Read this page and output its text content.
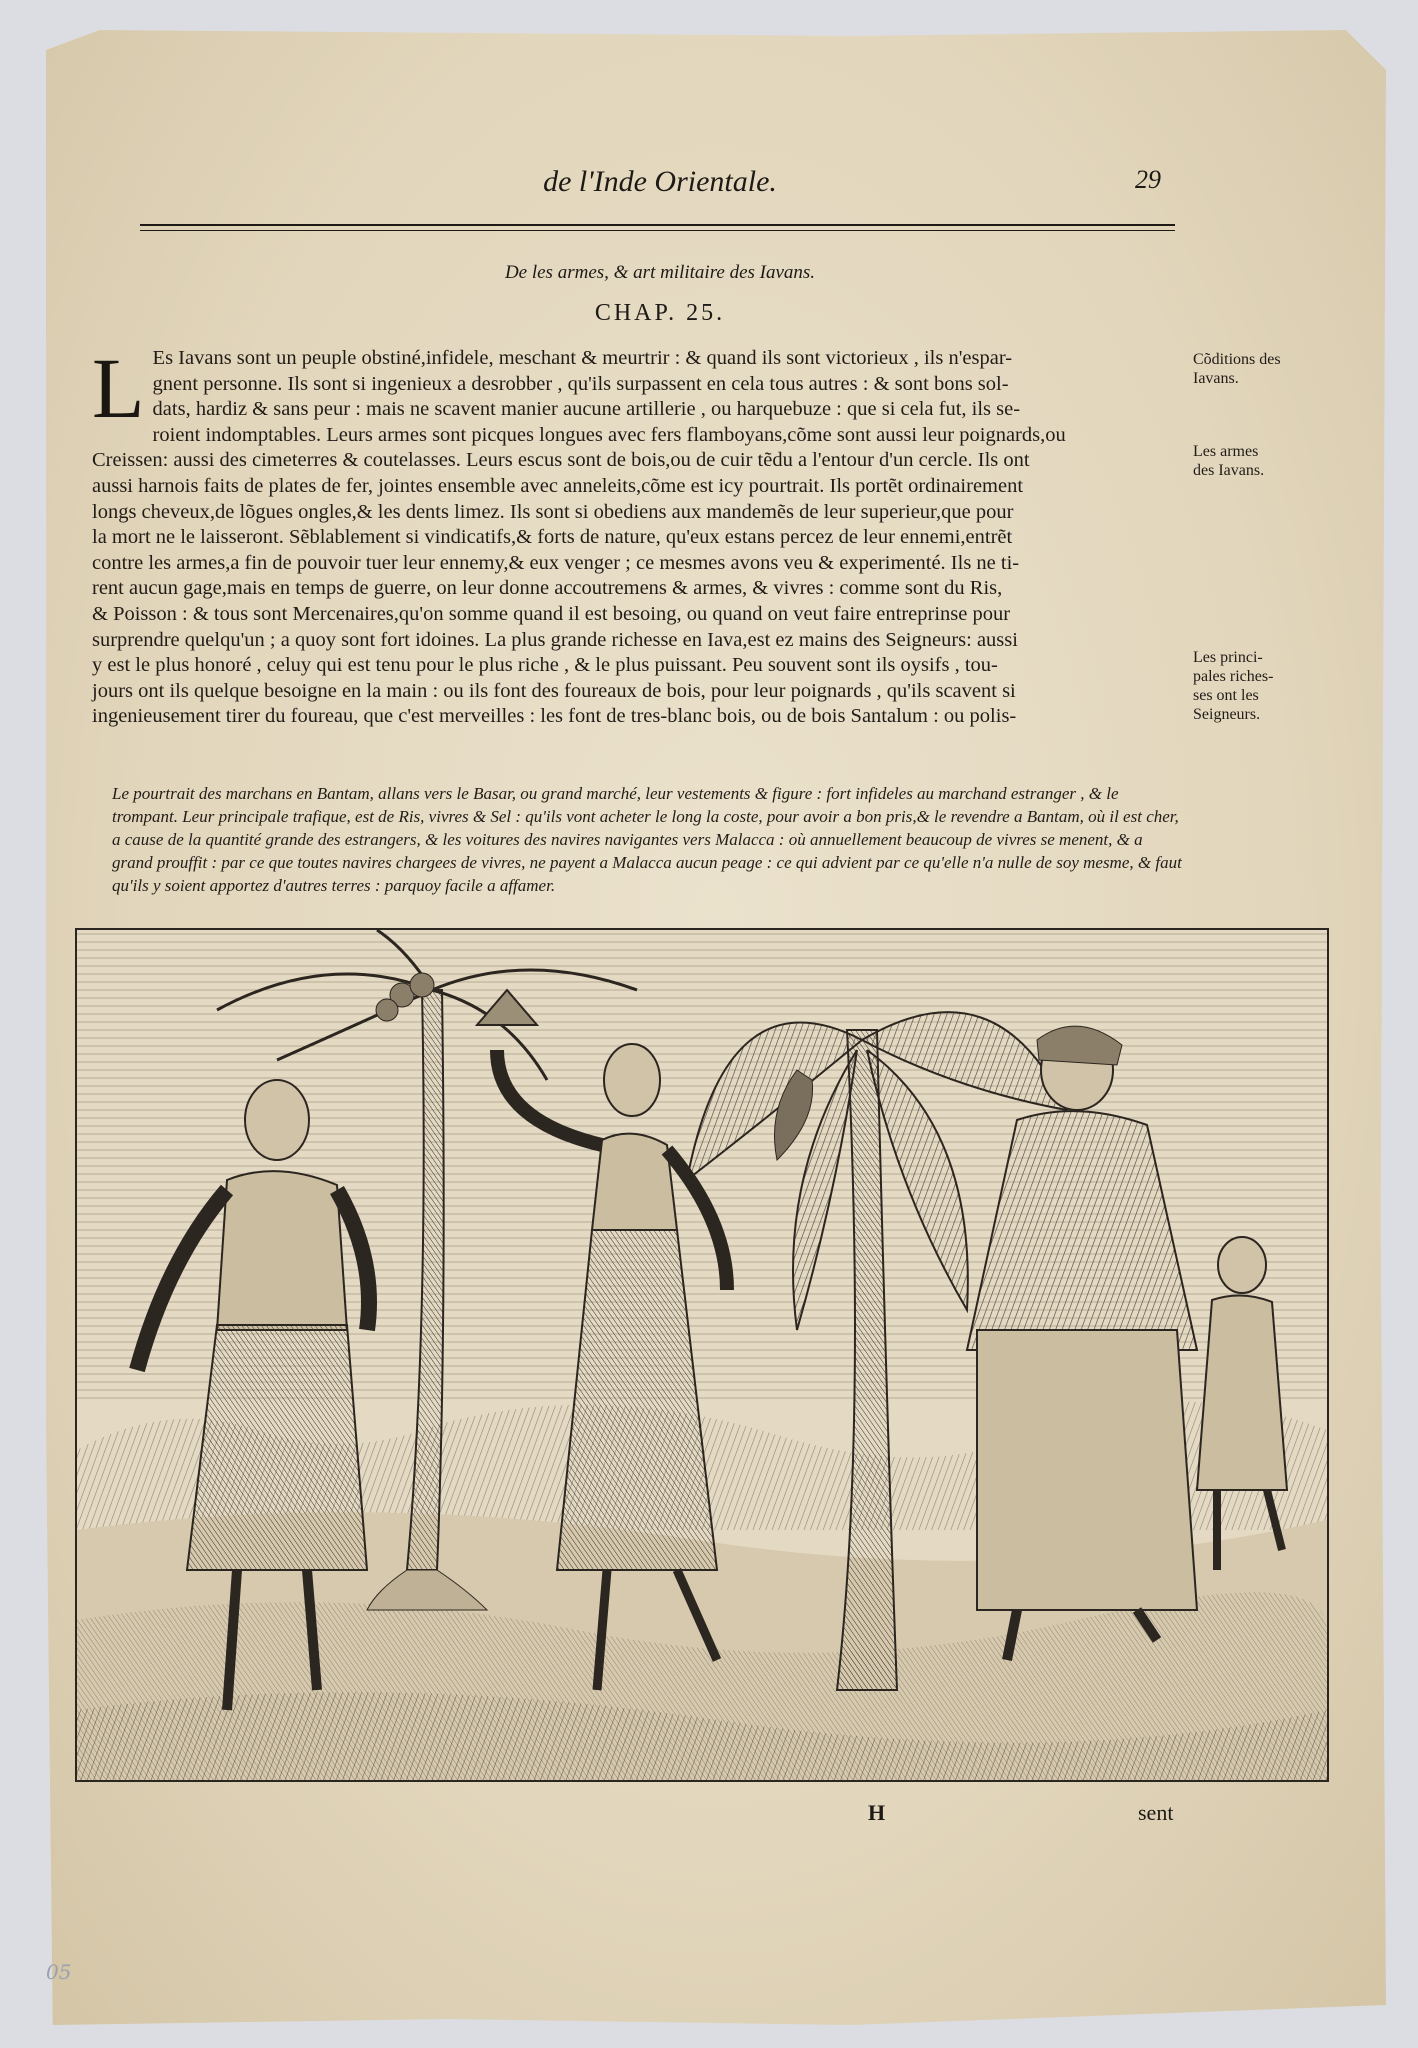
de l'Inde Orientale.	29
De les armes, & art militaire des Iavans.
CHAP. 25.
L Es Iavans sont un peuple obstiné,infidele, meschant & meurtrir : & quand ils sont victorieux , ils n'espar-
gnent personne. Ils sont si ingenieux a desrobber , qu'ils surpassent en cela tous autres : & sont bons sol-
dats, hardiz & sans peur : mais ne scavent manier aucune artillerie , ou harquebuze : que si cela fut, ils se-
roient indomptables. Leurs armes sont picques longues avec fers flamboyans,cõme sont aussi leur poignards,ou
Creissen: aussi des cimeterres & coutelasses. Leurs escus sont de bois,ou de cuir tẽdu a l'entour d'un cercle. Ils ont
aussi harnois faits de plates de fer, jointes ensemble avec anneleits,cõme est icy pourtrait. Ils portẽt ordinairement
longs cheveux,de lõgues ongles,& les dents limez. Ils sont si obediens aux mandemẽs de leur superieur,que pour
la mort ne le laisseront. Sẽblablement si vindicatifs,& forts de nature, qu'eux estans percez de leur ennemi,entrẽt
contre les armes,a fin de pouvoir tuer leur ennemy,& eux venger ; ce mesmes avons veu & experimenté. Ils ne ti-
rent aucun gage,mais en temps de guerre, on leur donne accoutremens & armes, & vivres : comme sont du Ris,
& Poisson : & tous sont Mercenaires,qu'on somme quand il est besoing, ou quand on veut faire entreprinse pour
surprendre quelqu'un ; a quoy sont fort idoines. La plus grande richesse en Iava,est ez mains des Seigneurs: aussi
y est le plus honoré , celuy qui est tenu pour le plus riche , & le plus puissant. Peu souvent sont ils oysifs , tou-
jours ont ils quelque besoigne en la main : ou ils font des foureaux de bois, pour leur poignards , qu'ils scavent si
ingenieusement tirer du foureau, que c'est merveilles : les font de tres-blanc bois, ou de bois Santalum : ou polis-
Cõditions des Iavans.
Les armes des Iavans.
Les princi-pales riches-ses ont les Seigneurs.
Le pourtrait des marchans en Bantam, allans vers le Basar, ou grand marché, leur vestements & figure : fort infideles au marchand estranger , & le
trompant. Leur principale trafique, est de Ris, vivres & Sel : qu'ils vont acheter le long la coste, pour avoir a bon pris,& le revendre a Bantam, où il est cher,
a cause de la quantité grande des estrangers, & les voitures des navires navigantes vers Malacca : où annuellement beaucoup de vivres se menent, & a
grand prouffit : par ce que toutes navires chargees de vivres, ne payent a Malacca aucun peage : ce qui advient par ce qu'elle n'a nulle de soy mesme, & faut
qu'ils y soient apportez d'autres terres : parquoy facile a affamer.
H	sent
05
